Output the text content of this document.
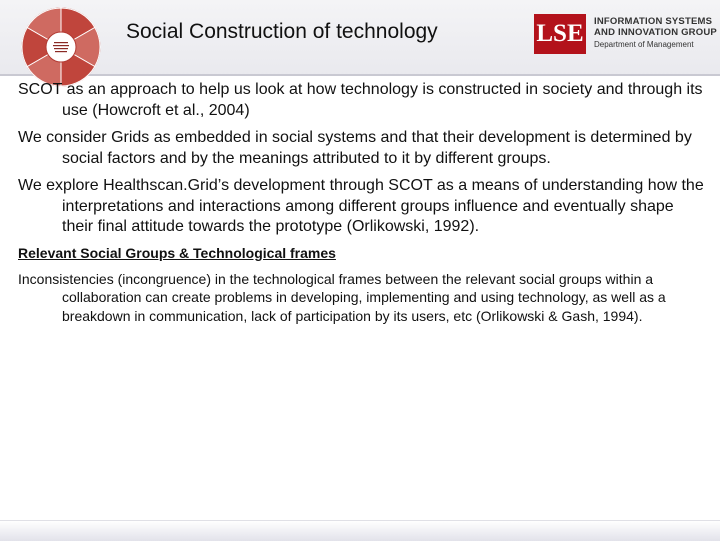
Social Construction of technology	LSE INFORMATION SYSTEMS
AND INNOVATION GROUP
Department of Management

SCOT as an approach to help us look at how technology is constructed in society and through its use (Howcroft et al., 2004)

We consider Grids as embedded in social systems and that their development is determined by social factors and by the meanings attributed to it by different groups.

We explore Healthscan.Grid’s development through SCOT as a means of understanding how the interpretations and interactions among different groups influence and eventually shape their final attitude towards the prototype (Orlikowski, 1992).

Relevant Social Groups & Technological frames

Inconsistencies (incongruence) in the technological frames between the relevant social groups within a collaboration can create problems in developing, implementing and using technology, as well as a breakdown in communication, lack of participation by its users, etc (Orlikowski & Gash, 1994).
